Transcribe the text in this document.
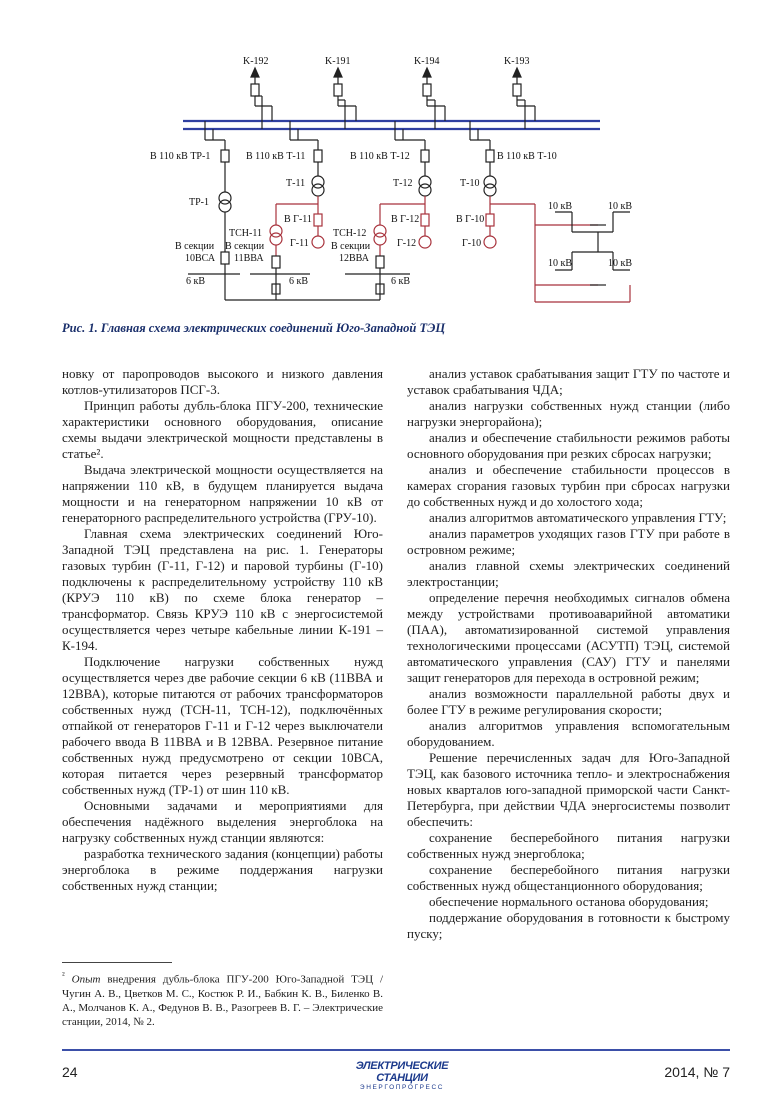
K-192	K-191	K-194	K-193
В 110 кВ ТР-1	В 110 кВ Т-11	В 110 кВ Т-12	В 110 кВ Т-10
ТР-1
Т-11	Т-12	Т-10
В Г-11	В Г-12	В Г-10
Г-11	Г-12	Г-10
ТСН-11	ТСН-12
В секции В секции	В секции
10ВСА 11ВВА	12ВВА
6 кВ	6 кВ	6 кВ
10 кВ	10 кВ
10 кВ	10 кВ
Рис. 1. Главная схема электрических соединений Юго-Западной ТЭЦ

новку от паропроводов высокого и низкого давления котлов-утилизаторов ПСГ-3.

Принцип работы дубль-блока ПГУ-200, технические характеристики основного оборудования, описание схемы выдачи электрической мощности представлены в статье².

Выдача электрической мощности осуществляется на напряжении 110 кВ, в будущем планируется выдача мощности и на генераторном напряжении 10 кВ от генераторного распределительного устройства (ГРУ-10).

Главная схема электрических соединений Юго-Западной ТЭЦ представлена на рис. 1. Генераторы газовых турбин (Г-11, Г-12) и паровой турбины (Г-10) подключены к распределительному устройству 110 кВ (КРУЭ 110 кВ) по схеме блока генератор – трансформатор. Связь КРУЭ 110 кВ с энергосистемой осуществляется через четыре кабельные линии К-191 – К-194.

Подключение нагрузки собственных нужд осуществляется через две рабочие секции 6 кВ (11ВВА и 12ВВА), которые питаются от рабочих трансформаторов собственных нужд (ТСН-11, ТСН-12), подключённых отпайкой от генераторов Г-11 и Г-12 через выключатели рабочего ввода В 11ВВА и В 12ВВА. Резервное питание собственных нужд предусмотрено от секции 10ВСА, которая питается через резервный трансформатор собственных нужд (ТР-1) от шин 110 кВ.

Основными задачами и мероприятиями для обеспечения надёжного выделения энергоблока на нагрузку собственных нужд станции являются:

разработка технического задания (концепции) работы энергоблока в режиме поддержания нагрузки собственных нужд станции;

анализ уставок срабатывания защит ГТУ по частоте и уставок срабатывания ЧДА;

анализ нагрузки собственных нужд станции (либо нагрузки энергорайона);

анализ и обеспечение стабильности режимов работы основного оборудования при резких сбросах нагрузки;

анализ и обеспечение стабильности процессов в камерах сгорания газовых турбин при сбросах нагрузки до собственных нужд и до холостого хода;

анализ алгоритмов автоматического управления ГТУ;

анализ параметров уходящих газов ГТУ при работе в островном режиме;

анализ главной схемы электрических соединений электростанции;

определение перечня необходимых сигналов обмена между устройствами противоаварийной автоматики (ПАА), автоматизированной системой управления технологическими процессами (АСУТП) ТЭЦ, системой автоматического управления (САУ) ГТУ и панелями защит генераторов для перехода в островной режим;

анализ возможности параллельной работы двух и более ГТУ в режиме регулирования скорости;

анализ алгоритмов управления вспомогательным оборудованием.

Решение перечисленных задач для Юго-Западной ТЭЦ, как базового источника тепло- и электроснабжения новых кварталов юго-западной приморской части Санкт-Петербурга, при действии ЧДА энергосистемы позволит обеспечить:

сохранение бесперебойного питания нагрузки собственных нужд энергоблока;

сохранение бесперебойного питания нагрузки собственных нужд общестанционного оборудования;

обеспечение нормального останова оборудования;

поддержание оборудования в готовности к быстрому пуску;

$^{^2}$ Опыт внедрения дубль-блока ПГУ-200 Юго-Западной ТЭЦ / Чугин А. В., Цветков М. С., Костюк Р. И., Бабкин К. В., Биленко В. А., Молчанов К. А., Федунов В. В., Разогреев В. Г. – Электрические станции, 2014, № 2.
24	ЭЛЕКТРИЧЕСКИЕ СТАНЦИИ
ЭНЕРГОПРОГРЕСС
2014, № 7
